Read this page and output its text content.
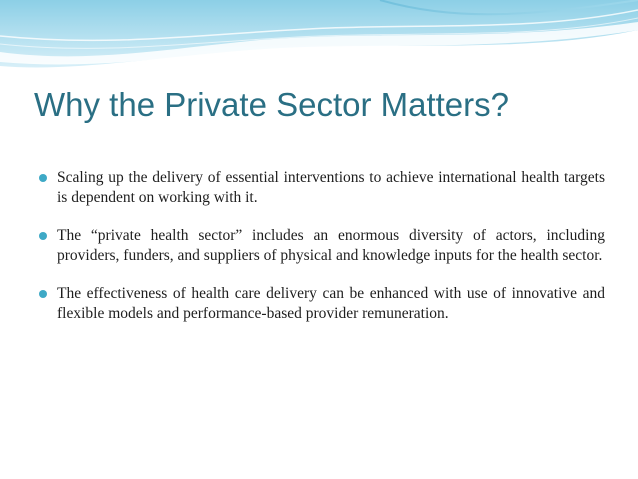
Why the Private Sector Matters?
Scaling up the delivery of essential interventions to achieve international health targets is dependent on working with it.
The “private health sector” includes an enormous diversity of actors, including providers, funders, and suppliers of physical and knowledge inputs for the health sector.
The effectiveness of health care delivery can be enhanced with use of innovative and flexible models and performance-based provider remuneration.
